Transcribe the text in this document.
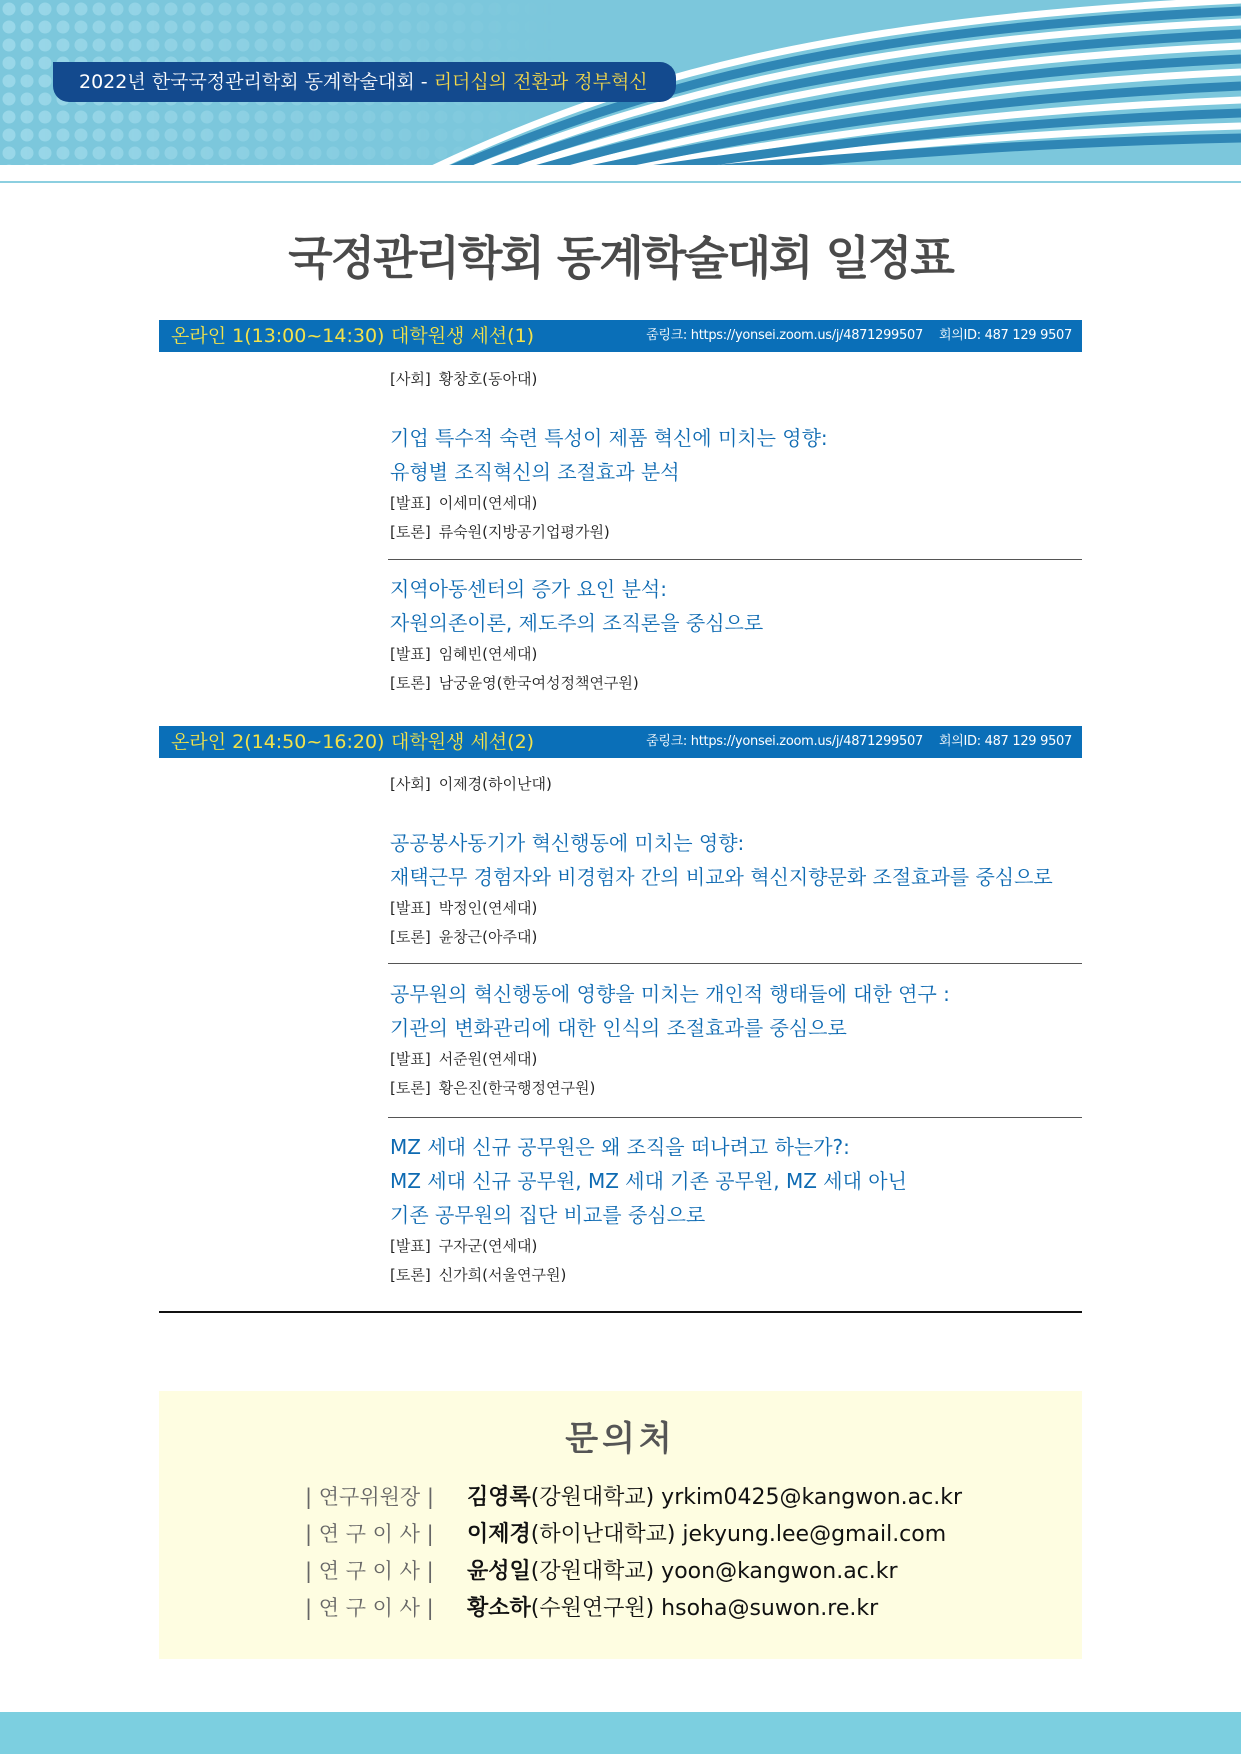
2022년 한국국정관리학회 동계학술대회 - 리더십의 전환과 정부혁신
국정관리학회 동계학술대회 일정표
온라인 1(13:00~14:30) 대학원생 세션(1)	줌링크: https://yonsei.zoom.us/j/4871299507 회의ID: 487 129 9507
[사회] 황창호(동아대)
기업 특수적 숙련 특성이 제품 혁신에 미치는 영향:
유형별 조직혁신의 조절효과 분석
[발표] 이세미(연세대)
[토론] 류숙원(지방공기업평가원)
지역아동센터의 증가 요인 분석:
자원의존이론, 제도주의 조직론을 중심으로
[발표] 임혜빈(연세대)
[토론] 남궁윤영(한국여성정책연구원)
온라인 2(14:50~16:20) 대학원생 세션(2)	줌링크: https://yonsei.zoom.us/j/4871299507 회의ID: 487 129 9507
[사회] 이제경(하이난대)
공공봉사동기가 혁신행동에 미치는 영향:
재택근무 경험자와 비경험자 간의 비교와 혁신지향문화 조절효과를 중심으로
[발표] 박정인(연세대)
[토론] 윤창근(아주대)
공무원의 혁신행동에 영향을 미치는 개인적 행태들에 대한 연구 :
기관의 변화관리에 대한 인식의 조절효과를 중심으로
[발표] 서준원(연세대)
[토론] 황은진(한국행정연구원)
MZ 세대 신규 공무원은 왜 조직을 떠나려고 하는가?:
MZ 세대 신규 공무원, MZ 세대 기존 공무원, MZ 세대 아닌
기존 공무원의 집단 비교를 중심으로
[발표] 구자군(연세대)
[토론] 신가희(서울연구원)
문의처
| 연구위원장 | 김영록(강원대학교) yrkim0425@kangwon.ac.kr
| 연 구 이 사 | 이제경(하이난대학교) jekyung.lee@gmail.com
| 연 구 이 사 | 윤성일(강원대학교) yoon@kangwon.ac.kr
| 연 구 이 사 | 황소하(수원연구원) hsoha@suwon.re.kr
